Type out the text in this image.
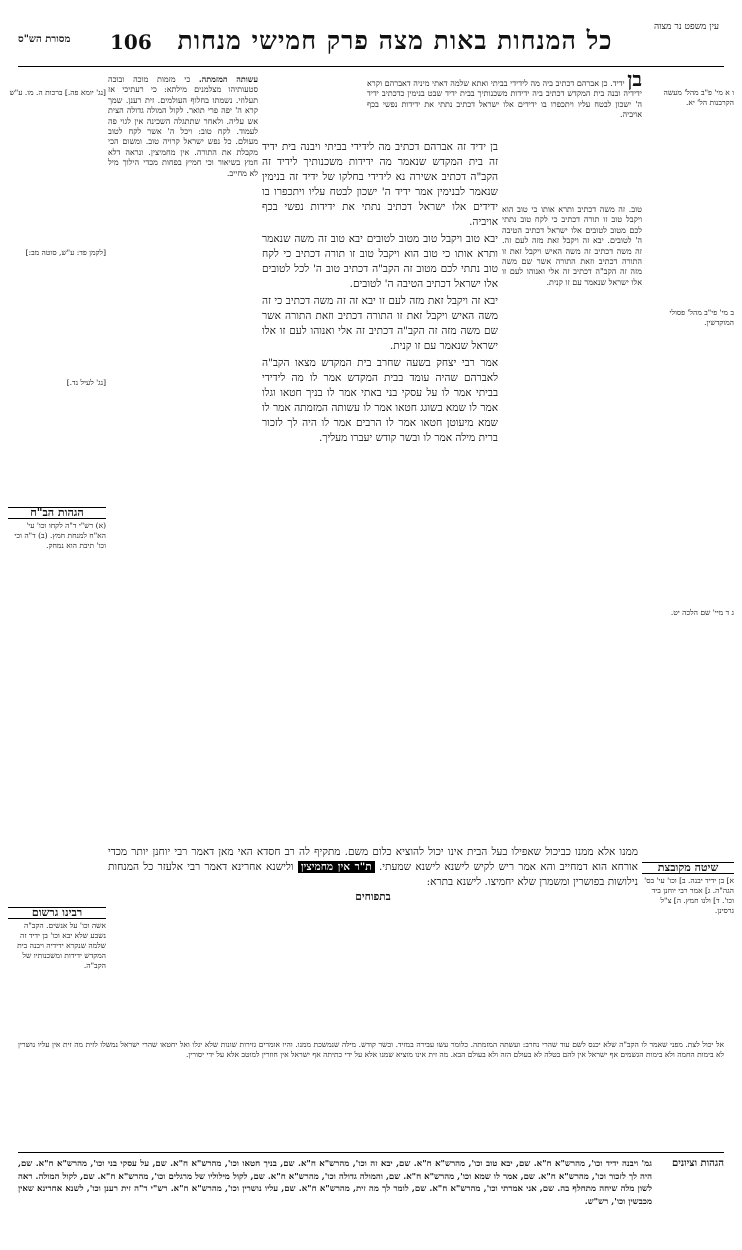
מסורת הש"ס 106	כל המנחות באות מצה פרק חמישי מנחות	עין משפט נר מצוה

ו א מי' פ"ב מהל' מעשה הקרבנות הל' יא.

ב מי' פי"ב מהל' פסולי המוקדשין.

ג ד מיי' שם הלכה יט.

שיטה מקובצת
א] בן ידיד יבנה. ב] וכו' עי' בס' הגה"ה. ג] אמר רבי יוחנן ביד וכו'. ד] ולנו חמץ. ה] צ"ל גרסינן.

[נג' יומא פה.] ברכות ה. מו. ע"ש

[לקמן פד: ע"ש, סוטה מב:]

[נג' לעיל נד.]

הגהות הב"ח
(א) רש"י ד"ה לקחו וכו' עי' הא"ח למנחת חמץ. (ב) ד"ה וכי וכו' תיבת הוא נמחק.
רבינו גרשום
אשה וכו' על אנשים. הקב"ה נשבע שלא יבא וכו' בן ידיד זה שלמה שנקרא ידידיה ויבנה בית המקדש ידידות ומשכנותיו של הקב"ה.
בן ידיד. כן אברהם דכתיב ביה מה לידידי בביתי ואתא שלמה דאתי מיניה דאברהם וקרא ידידיה ובנה בית המקדש דכתיב ביה ידידות משכנותיך בבית ידיד שבט בנימין כדכתיב ידיד ה' ישכון לבטח עליו ויתכפרו בו ידידים אלו ישראל דכתיב נתתי את ידידות נפשי בכף אויביה.
טוב. זה משה דכתיב ותרא אותו כי טוב הוא ויקבל טוב זו תורה דכתיב כי לקח טוב נתתי לכם מטוב לטובים אלו ישראל דכתיב הטיבה ה' לטובים. יבא זה ויקבל זאת מזה לעם זה. זה משה דכתיב זה משה האיש ויקבל זאת זו התורה דכתיב וזאת התורה אשר שם משה מזה זה הקב"ה דכתיב זה אלי ואנוהו לעם זו אלו ישראל שנאמר עם זו קנית.
עשותה המזמתה. כי מזמות מוכה ובוכה סטעותיהו מצלמנים מילתא: כי רעתיכי אז תעלוזי. נשמתו בחלוף העולמים. זית רענן. שמך קרא ה' יפה פרי תואר. לקול המולה גדולה הצית אש עליה. ולאחר שתתגלה השכינה אין לגוי פה לעמוד. לקח טוב: ויכל ה' אשר לקח לטוב מעולם. כל נפש ישראל קרויה טוב. ומשום הכי מקבלת את התורה. אין מחמיצין. ונראה דלא חמץ בשיאור וכי חמיץ בפחות מכדי הילוך מיל לא מחייב.

בן ידיד זה אברהם דכתיב מה לידידי בביתי ויבנה בית ידיד זה בית המקדש שנאמר מה ידידות משכנותיך לידיד זה הקב"ה דכתיב אשירה נא לידידי בחלקו של ידיד זה בנימין שנאמר לבנימין אמר ידיד ה' ישכון לבטח עליו ויתכפרו בו ידידים אלו ישראל דכתיב נתתי את ידידות נפשי בכף אויביה.

יבא טוב ויקבל טוב מטוב לטובים יבא טוב זה משה שנאמר ותרא אותו כי טוב הוא ויקבל טוב זו תורה דכתיב כי לקח טוב נתתי לכם מטוב זה הקב"ה דכתיב טוב ה' לכל לטובים אלו ישראל דכתיב הטיבה ה' לטובים.

יבא זה ויקבל זאת מזה לעם זו יבא זה זה משה דכתיב כי זה משה האיש ויקבל זאת זו התורה דכתיב וזאת התורה אשר שם משה מזה זה הקב"ה דכתיב זה אלי ואנוהו לעם זו אלו ישראל שנאמר עם זו קנית.

אמר רבי יצחק בשעה שחרב בית המקדש מצאו הקב"ה לאברהם שהיה עומד בבית המקדש אמר לו מה לידידי בביתי אמר לו על עסקי בני באתי אמר לו בניך חטאו וגלו אמר לו שמא בשוגג חטאו אמר לו עשותה המזמתה אמר לו שמא מיעוטן חטאו אמר לו הרבים אמר לו היה לך לזכור ברית מילה אמר לו ובשר קודש יעברו מעליך.

ממנו אלא ממנו כביכול שאפילו בעל הבית אינו יכול להוציא כלום משם. מתקיף לה רב חסדא האי מאן דאמר רבי יוחנן יותר מכדי אורחא הוא דמחייב והא אמר ריש לקיש לישנא לישנא שמעתי. ת"ר אין מחמיצין ולישנא אחרינא דאמר רבי אלעזר כל המנחות נילושות בפושרין ומשמרן שלא יחמיצו. לישנא בתרא:
בתפוחים
אל יכול לצת. מפני שאמר לו הקב"ה שלא יכנס לשם עוד שהרי נחרב: ועשתה המזמתה. כלומר עשו עבירה במזיד. ובשר קודש. מילה שנמשכת ממנו. והיו אומרים גזירות שונות שלא יגלו ואל יחטאו שהרי ישראל נמשלו לזית מה זית אין עליו נושרין לא בימות החמה ולא בימות הגשמים אף ישראל אין להם בטלה לא בעולם הזה ולא בעולם הבא. מה זית אינו מוציא שמנו אלא על ידי כתיתה אף ישראל אין חוזרין למוטב אלא על ידי יסורין.
הגהות וציונים
גמ' ויבנה ידיד וכו', מהרש"א ח"א. שם, יבא טוב וכו', מהרש"א ח"א. שם, יבא זה וכו', מהרש"א ח"א. שם, בניך חטאו וכו', מהרש"א ח"א. שם, על עסקי בני וכו', מהרש"א ח"א. שם, היה לך לזכור וכו', מהרש"א ח"א. שם, אמר לו שמא וכו', מהרש"א ח"א. שם, והמולה גדולה וכו', מהרש"א ח"א. שם, לקול מילוליו של מרגלים וכו', מהרש"א ח"א. שם, לקול המולה. ראה לשון מלה שיחה מתחלף בה. שם, אני אמרתי וכו', מהרש"א ח"א. שם, לומר לך מה זית, מהרש"א ח"א. שם, עליו נושרין וכו', מהרש"א ח"א. רש"י ד"ה זית רענן וכו', לשנא אחרינא שאין מכבשין וכו', רש"ש.
